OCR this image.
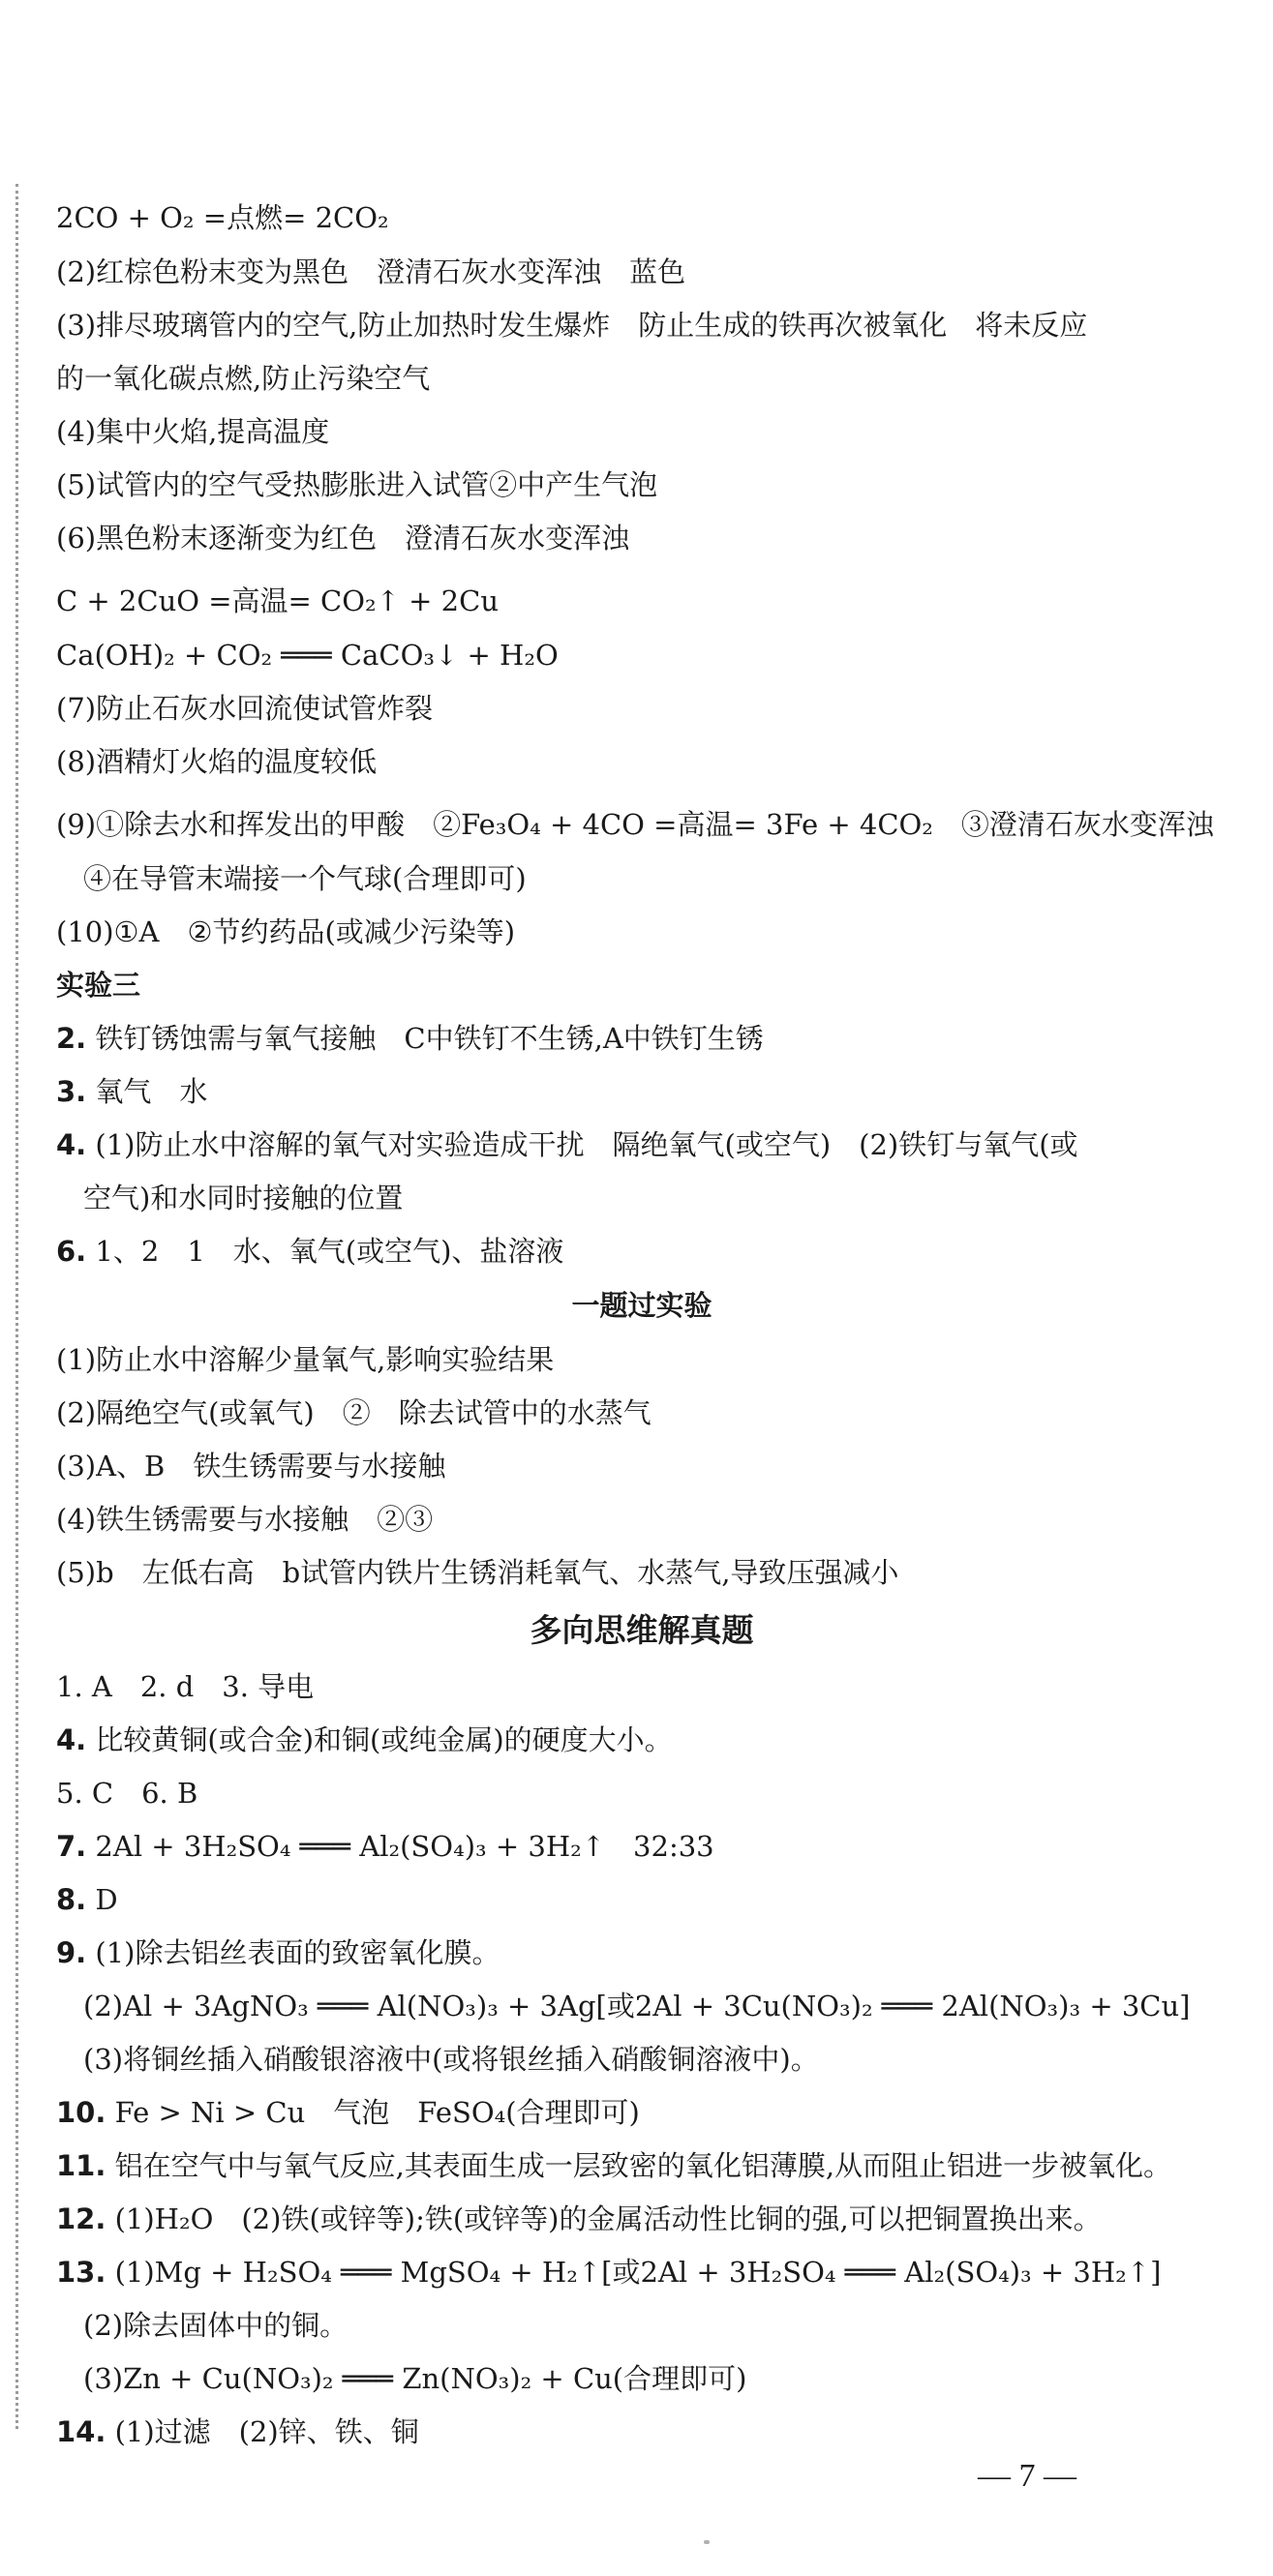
2CO + O₂ =点燃= 2CO₂
(2)红棕色粉末变为黑色　澄清石灰水变浑浊　蓝色
(3)排尽玻璃管内的空气,防止加热时发生爆炸　防止生成的铁再次被氧化　将未反应
的一氧化碳点燃,防止污染空气
(4)集中火焰,提高温度
(5)试管内的空气受热膨胀进入试管②中产生气泡
(6)黑色粉末逐渐变为红色　澄清石灰水变浑浊
C + 2CuO =高温= CO₂↑ + 2Cu
Ca(OH)₂ + CO₂ ═══ CaCO₃↓ + H₂O
(7)防止石灰水回流使试管炸裂
(8)酒精灯火焰的温度较低
(9)①除去水和挥发出的甲酸　②Fe₃O₄ + 4CO =高温= 3Fe + 4CO₂　③澄清石灰水变浑浊
④在导管末端接一个气球(合理即可)
(10)①A　②节约药品(或减少污染等)
实验三
2. 铁钉锈蚀需与氧气接触　C中铁钉不生锈,A中铁钉生锈
3. 氧气　水
4. (1)防止水中溶解的氧气对实验造成干扰　隔绝氧气(或空气)　(2)铁钉与氧气(或
空气)和水同时接触的位置
6. 1、2　1　水、氧气(或空气)、盐溶液
一题过实验
(1)防止水中溶解少量氧气,影响实验结果
(2)隔绝空气(或氧气)　②　除去试管中的水蒸气
(3)A、B　铁生锈需要与水接触
(4)铁生锈需要与水接触　②③
(5)b　左低右高　b试管内铁片生锈消耗氧气、水蒸气,导致压强减小
多向思维解真题
1. A　2. d　3. 导电
4. 比较黄铜(或合金)和铜(或纯金属)的硬度大小。
5. C　6. B
7. 2Al + 3H₂SO₄ ═══ Al₂(SO₄)₃ + 3H₂↑　32:33
8. D
9. (1)除去铝丝表面的致密氧化膜。
(2)Al + 3AgNO₃ ═══ Al(NO₃)₃ + 3Ag[或2Al + 3Cu(NO₃)₂ ═══ 2Al(NO₃)₃ + 3Cu]
(3)将铜丝插入硝酸银溶液中(或将银丝插入硝酸铜溶液中)。
10. Fe > Ni > Cu　气泡　FeSO₄(合理即可)
11. 铝在空气中与氧气反应,其表面生成一层致密的氧化铝薄膜,从而阻止铝进一步被氧化。
12. (1)H₂O　(2)铁(或锌等);铁(或锌等)的金属活动性比铜的强,可以把铜置换出来。
13. (1)Mg + H₂SO₄ ═══ MgSO₄ + H₂↑[或2Al + 3H₂SO₄ ═══ Al₂(SO₄)₃ + 3H₂↑]
(2)除去固体中的铜。
(3)Zn + Cu(NO₃)₂ ═══ Zn(NO₃)₂ + Cu(合理即可)
14. (1)过滤　(2)锌、铁、铜
— 7 —
